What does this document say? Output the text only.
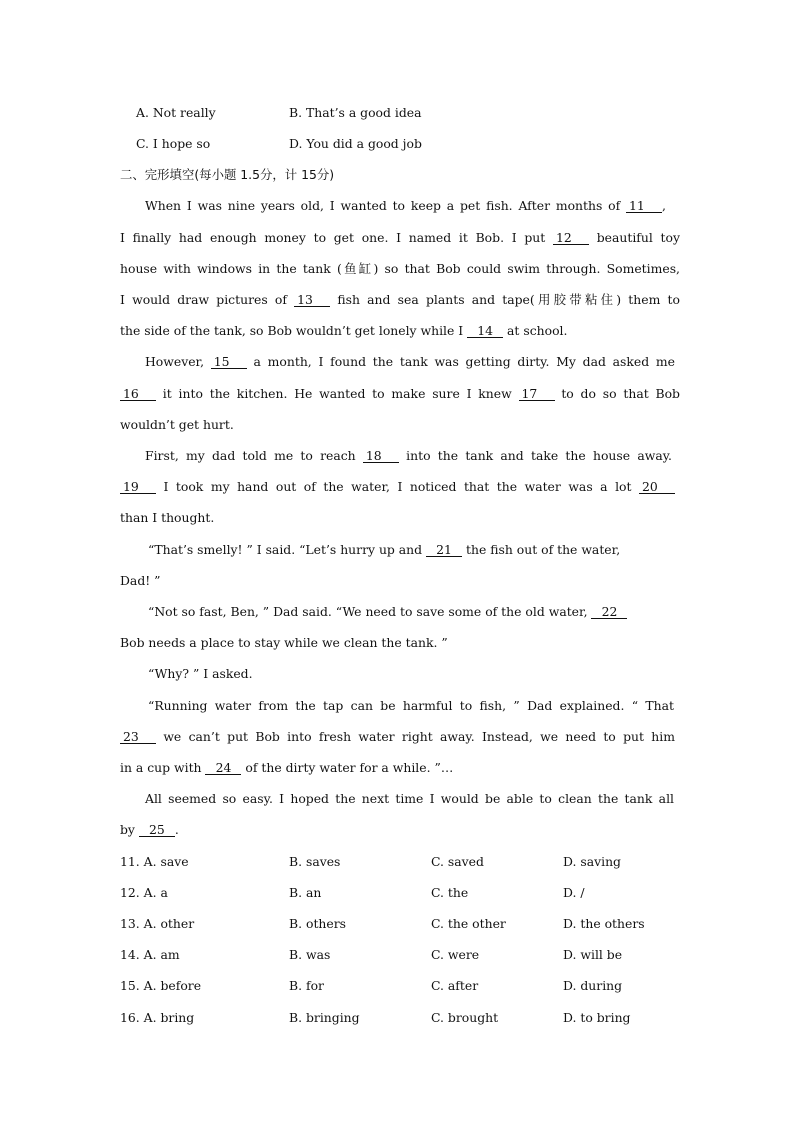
A. Not really	B. That’s a good idea
C. I hope so	D. You did a good job
二、完形填空(每小题 1.5分，计 15分)
When I was nine years old, I wanted to keep a pet fish. After months of 11 ,
I finally had enough money to get one. I named it Bob. I put 12 beautiful toy
house with windows in the tank (鱼缸) so that Bob could swim through. Sometimes,
I would draw pictures of 13 fish and sea plants and tape(用胶带粘住) them to
the side of the tank, so Bob wouldn’t get lonely while I 14 at school.
However, 15 a month, I found the tank was getting dirty. My dad asked me
16 it into the kitchen. He wanted to make sure I knew 17 to do so that Bob
wouldn’t get hurt.
First, my dad told me to reach 18 into the tank and take the house away.
19 I took my hand out of the water, I noticed that the water was a lot 20
than I thought.
“That’s smelly! ” I said. “Let’s hurry up and 21 the fish out of the water,
Dad! ”
“Not so fast, Ben, ” Dad said. “We need to save some of the old water, 22
Bob needs a place to stay while we clean the tank. ”
“Why? ” I asked.
“Running water from the tap can be harmful to fish, ” Dad explained. “ That
23 we can’t put Bob into fresh water right away. Instead, we need to put him
in a cup with 24 of the dirty water for a while. ”…
All seemed so easy. I hoped the next time I would be able to clean the tank all
by 25 .
11. A. save	B. saves	C. saved	D. saving
12. A. a	B. an	C. the	D. /
13. A. other	B. others	C. the other	D. the others
14. A. am	B. was	C. were	D. will be
15. A. before	B. for	C. after	D. during
16. A. bring	B. bringing	C. brought	D. to bring
